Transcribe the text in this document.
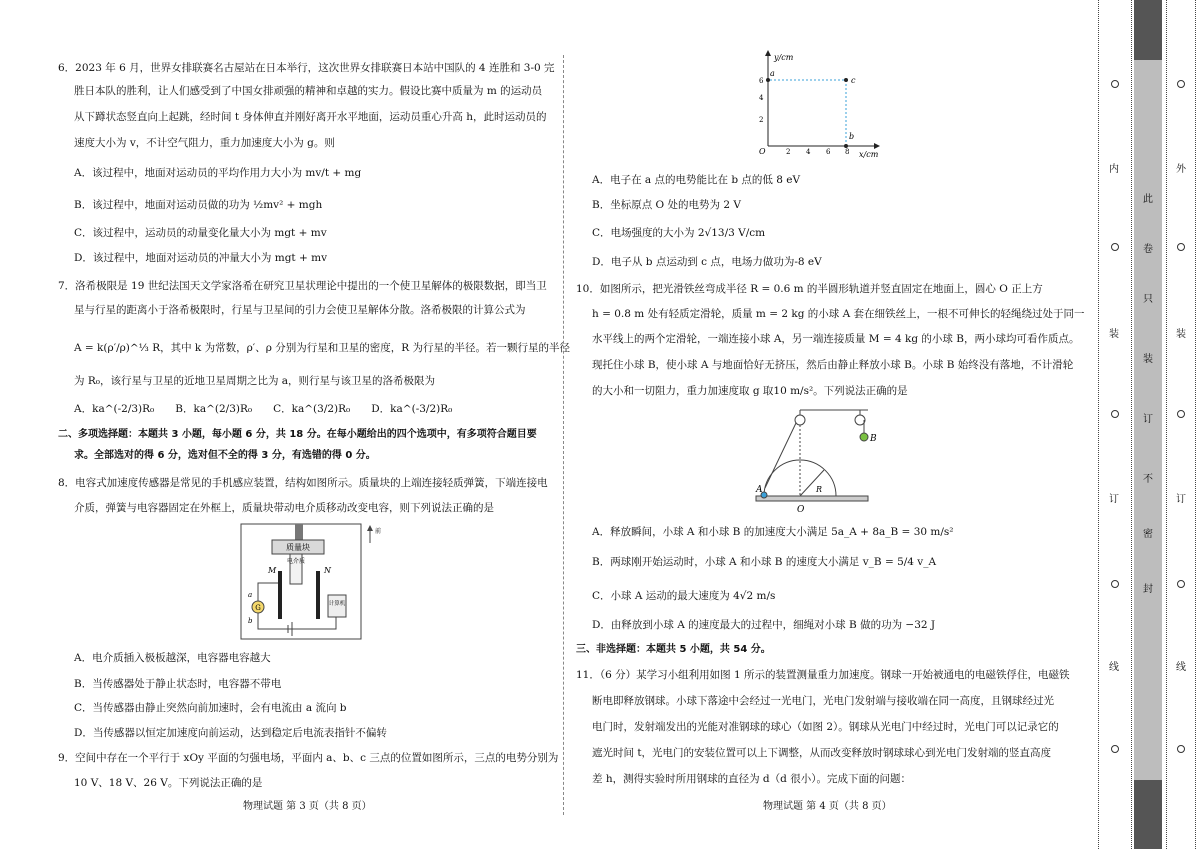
6．2023 年 6 月，世界女排联赛名古屋站在日本举行，这次世界女排联赛日本站中国队的 4 连胜和 3-0 完

胜日本队的胜利，让人们感受到了中国女排顽强的精神和卓越的实力。假设比赛中质量为 m 的运动员

从下蹲状态竖直向上起跳，经时间 t 身体伸直并刚好离开水平地面，运动员重心升高 h，此时运动员的

速度大小为 v，不计空气阻力，重力加速度大小为 g。则

A．该过程中，地面对运动员的平均作用力大小为 mv/t + mg

B．该过程中，地面对运动员做的功为 ½mv² + mgh

C．该过程中，运动员的动量变化量大小为 mgt + mv

D．该过程中，地面对运动员的冲量大小为 mgt + mv

7．洛希极限是 19 世纪法国天文学家洛希在研究卫星状理论中提出的一个使卫星解体的极限数据，即当卫

星与行星的距离小于洛希极限时，行星与卫星间的引力会使卫星解体分散。洛希极限的计算公式为

A = k(ρ′/ρ)^⅓ R，其中 k 为常数，ρ′、ρ 分别为行星和卫星的密度，R 为行星的半径。若一颗行星的半径

为 R₀，该行星与卫星的近地卫星周期之比为 a，则行星与该卫星的洛希极限为

A．ka^(-2/3)R₀　　B．ka^(2/3)R₀　　C．ka^(3/2)R₀　　D．ka^(-3/2)R₀

二、多项选择题：本题共 3 小题，每小题 6 分，共 18 分。在每小题给出的四个选项中，有多项符合题目要

求。全部选对的得 6 分，选对但不全的得 3 分，有选错的得 0 分。

8．电容式加速度传感器是常见的手机感应装置，结构如图所示。质量块的上端连接轻质弹簧，下端连接电

介质，弹簧与电容器固定在外框上，质量块带动电介质移动改变电容，则下列说法正确的是

质量块
电介质
M	N
计算机
G
a
b
前

A．电介质插入极板越深，电容器电容越大

B．当传感器处于静止状态时，电容器不带电

C．当传感器由静止突然向前加速时，会有电流由 a 流向 b

D．当传感器以恒定加速度向前运动，达到稳定后电流表指针不偏转

9．空间中存在一个平行于 xOy 平面的匀强电场，平面内 a、b、c 三点的位置如图所示，三点的电势分别为

10 V、18 V、26 V。下列说法正确的是

y/cm
x/cm
O
2
4
6
2 4 6 8
a
c
b

A．电子在 a 点的电势能比在 b 点的低 8 eV

B．坐标原点 O 处的电势为 2 V

C．电场强度的大小为 2√13/3 V/cm

D．电子从 b 点运动到 c 点，电场力做功为-8 eV

10．如图所示，把光滑铁丝弯成半径 R = 0.6 m 的半圆形轨道并竖直固定在地面上，圆心 O 正上方

h = 0.8 m 处有轻质定滑轮，质量 m = 2 kg 的小球 A 套在细铁丝上，一根不可伸长的轻绳绕过处于同一

水平线上的两个定滑轮，一端连接小球 A，另一端连接质量 M = 4 kg 的小球 B，两小球均可看作质点。

现托住小球 B，使小球 A 与地面恰好无挤压，然后由静止释放小球 B。小球 B 始终没有落地，不计滑轮

的大小和一切阻力，重力加速度取 g 取10 m/s²。下列说法正确的是

B
R
A
O

A．释放瞬间，小球 A 和小球 B 的加速度大小满足 5a_A + 8a_B = 30 m/s²

B．两球刚开始运动时，小球 A 和小球 B 的速度大小满足 v_B = 5/4 v_A

C．小球 A 运动的最大速度为 4√2 m/s

D．由释放到小球 A 的速度最大的过程中，细绳对小球 B 做的功为 −32 J

三、非选择题：本题共 5 小题，共 54 分。

11．（6 分）某学习小组利用如图 1 所示的装置测量重力加速度。钢球一开始被通电的电磁铁俘住，电磁铁

断电即释放钢球。小球下落途中会经过一光电门，光电门发射端与接收端在同一高度，且钢球经过光

电门时，发射端发出的光能对准钢球的球心（如图 2）。钢球从光电门中经过时，光电门可以记录它的

遮光时间 t，光电门的安装位置可以上下调整，从而改变释放时钢球球心到光电门发射端的竖直高度

差 h，测得实验时所用钢球的直径为 d（d 很小）。完成下面的问题：

物理试题 第 3 页（共 8 页）	物理试题 第 4 页（共 8 页）
内
装
订
线
此
卷
只
装
订
不
密
封
外
装
订
线
